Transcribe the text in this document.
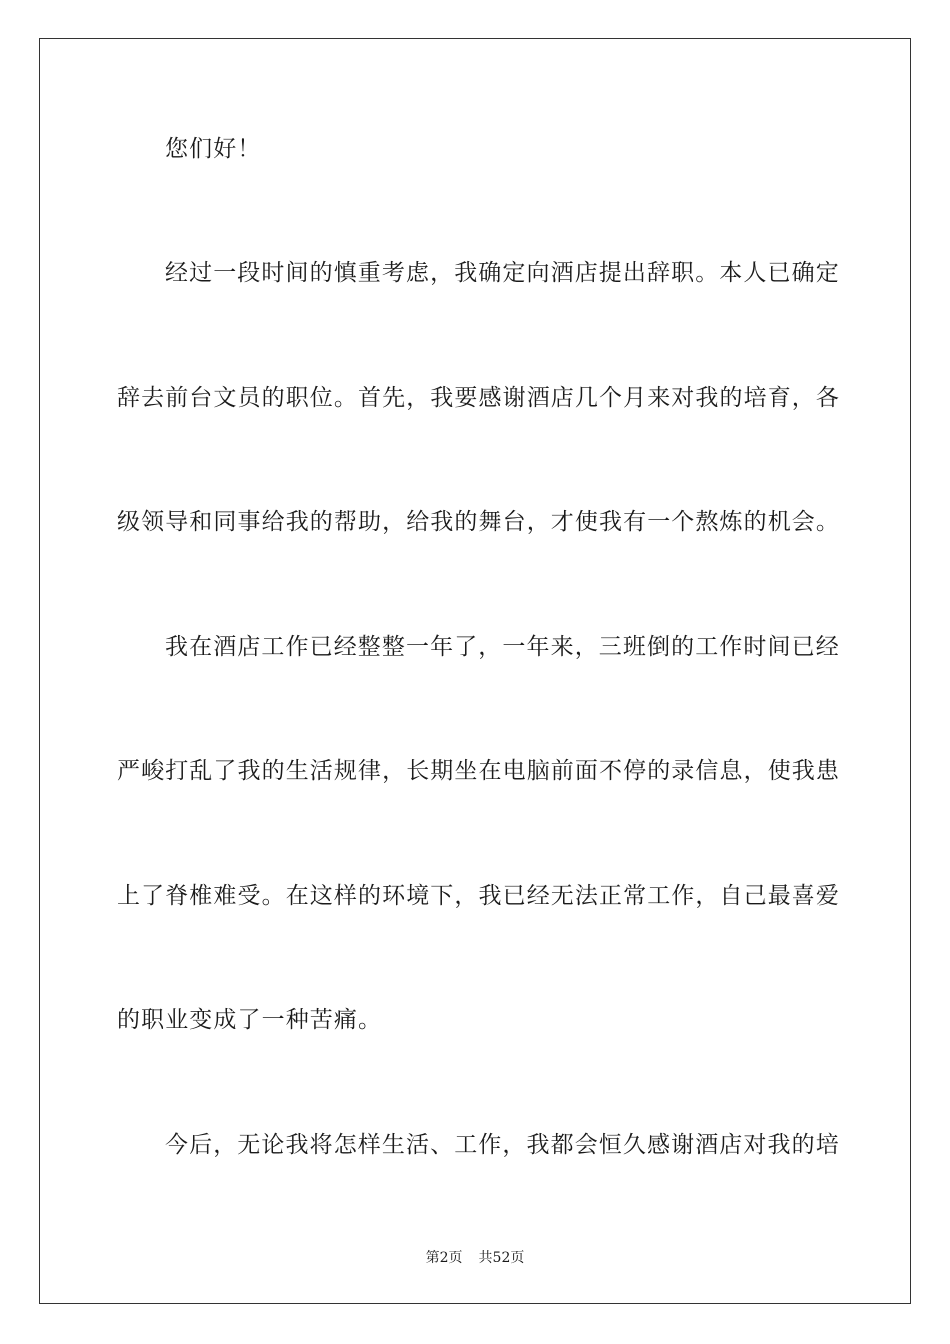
您们好！
经过一段时间的慎重考虑，我确定向酒店提出辞职。本人已确定
辞去前台文员的职位。首先，我要感谢酒店几个月来对我的培育，各
级领导和同事给我的帮助，给我的舞台，才使我有一个熬炼的机会。
我在酒店工作已经整整一年了，一年来，三班倒的工作时间已经
严峻打乱了我的生活规律，长期坐在电脑前面不停的录信息，使我患
上了脊椎难受。在这样的环境下，我已经无法正常工作，自己最喜爱
的职业变成了一种苦痛。
今后，无论我将怎样生活、工作，我都会恒久感谢酒店对我的培
第2页 共52页
